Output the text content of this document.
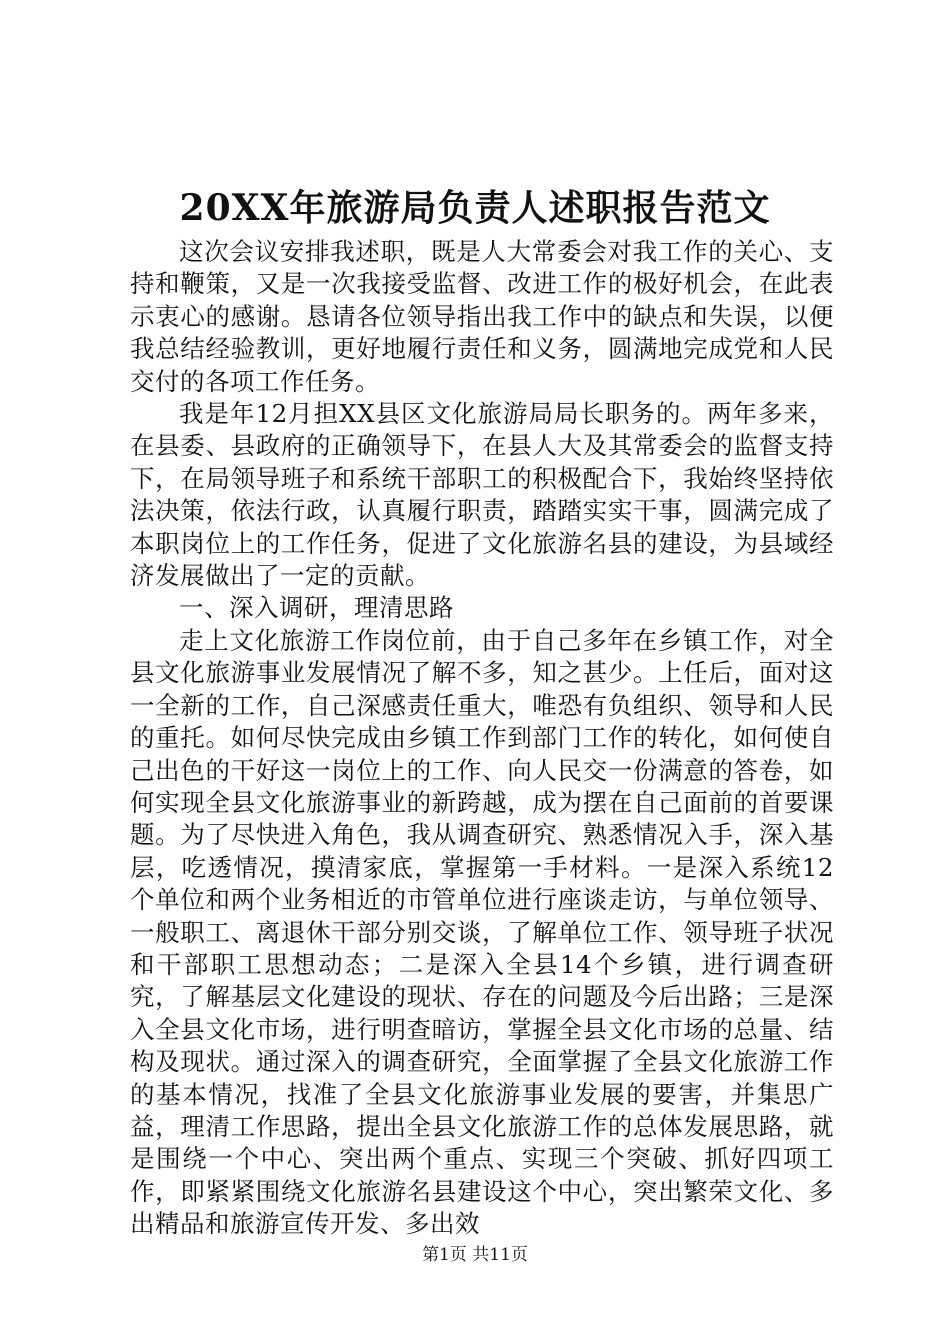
20XX年旅游局负责人述职报告范文

这次会议安排我述职，既是人大常委会对我工作的关心、支持和鞭策，又是一次我接受监督、改进工作的极好机会，在此表示衷心的感谢。恳请各位领导指出我工作中的缺点和失误，以便我总结经验教训，更好地履行责任和义务，圆满地完成党和人民交付的各项工作任务。

我是年12月担XX县区文化旅游局局长职务的。两年多来，在县委、县政府的正确领导下，在县人大及其常委会的监督支持下，在局领导班子和系统干部职工的积极配合下，我始终坚持依法决策，依法行政，认真履行职责，踏踏实实干事，圆满完成了本职岗位上的工作任务，促进了文化旅游名县的建设，为县域经济发展做出了一定的贡献。

一、深入调研，理清思路

走上文化旅游工作岗位前，由于自己多年在乡镇工作，对全县文化旅游事业发展情况了解不多，知之甚少。上任后，面对这一全新的工作，自己深感责任重大，唯恐有负组织、领导和人民的重托。如何尽快完成由乡镇工作到部门工作的转化，如何使自己出色的干好这一岗位上的工作、向人民交一份满意的答卷，如何实现全县文化旅游事业的新跨越，成为摆在自己面前的首要课题。为了尽快进入角色，我从调查研究、熟悉情况入手，深入基层，吃透情况，摸清家底，掌握第一手材料。一是深入系统12个单位和两个业务相近的市管单位进行座谈走访，与单位领导、一般职工、离退休干部分别交谈，了解单位工作、领导班子状况和干部职工思想动态；二是深入全县14个乡镇，进行调查研究，了解基层文化建设的现状、存在的问题及今后出路；三是深入全县文化市场，进行明查暗访，掌握全县文化市场的总量、结构及现状。通过深入的调查研究，全面掌握了全县文化旅游工作的基本情况，找准了全县文化旅游事业发展的要害，并集思广益，理清工作思路，提出全县文化旅游工作的总体发展思路，就是围绕一个中心、突出两个重点、实现三个突破、抓好四项工作，即紧紧围绕文化旅游名县建设这个中心，突出繁荣文化、多出精品和旅游宣传开发、多出效

第1页 共11页
